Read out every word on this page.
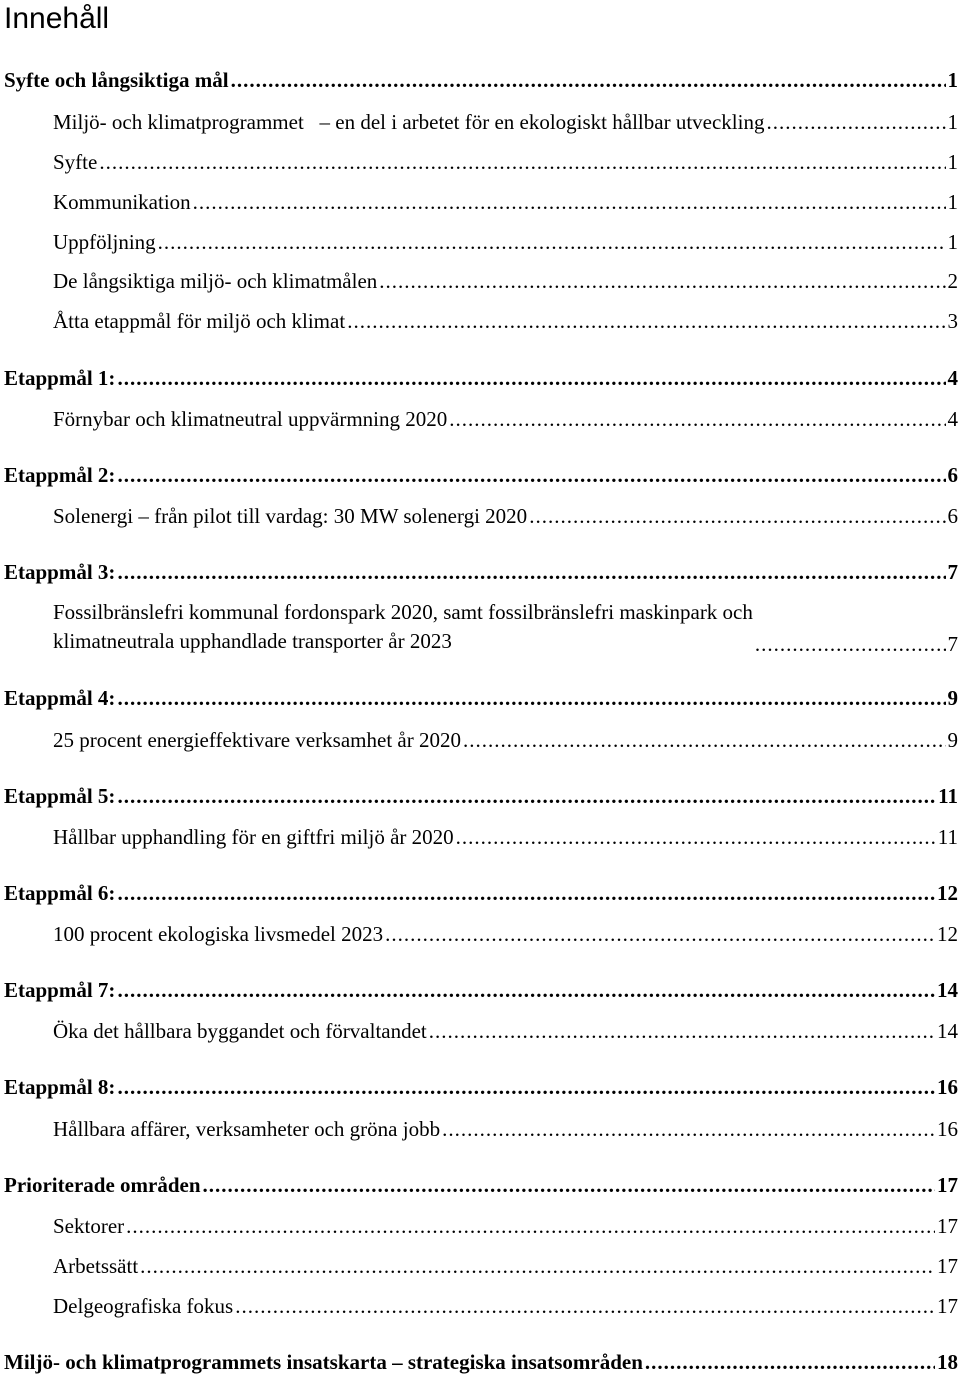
Innehåll
Syfte och långsiktiga mål .....	1
Miljö- och klimatprogrammet   – en del i arbetet för en ekologiskt hållbar utveckling .....	1
Syfte .....	1
Kommunikation .....	1
Uppföljning .....	1
De långsiktiga miljö- och klimatmålen .....	2
Åtta etappmål för miljö och klimat .....	3
Etappmål 1: .....	4
Förnybar och klimatneutral uppvärmning 2020 .....	4
Etappmål 2: .....	6
Solenergi – från pilot till vardag: 30 MW solenergi 2020 .....	6
Etappmål 3: .....	7
Fossilbränslefri kommunal fordonspark 2020, samt fossilbränslefri maskinpark och
klimatneutrala upphandlade transporter år 2023 .....	7
Etappmål 4: .....	9
25 procent energieffektivare verksamhet år 2020 .....	9
Etappmål 5: .....	11
Hållbar upphandling för en giftfri miljö år 2020 .....	11
Etappmål 6: .....	12
100 procent ekologiska livsmedel 2023 .....	12
Etappmål 7: .....	14
Öka det hållbara byggandet och förvaltandet .....	14
Etappmål 8: .....	16
Hållbara affärer, verksamheter och gröna jobb .....	16
Prioriterade områden .....	17
Sektorer .....	17
Arbetssätt .....	17
Delgeografiska fokus .....	17
Miljö- och klimatprogrammets insatskarta – strategiska insatsområden .....	18
